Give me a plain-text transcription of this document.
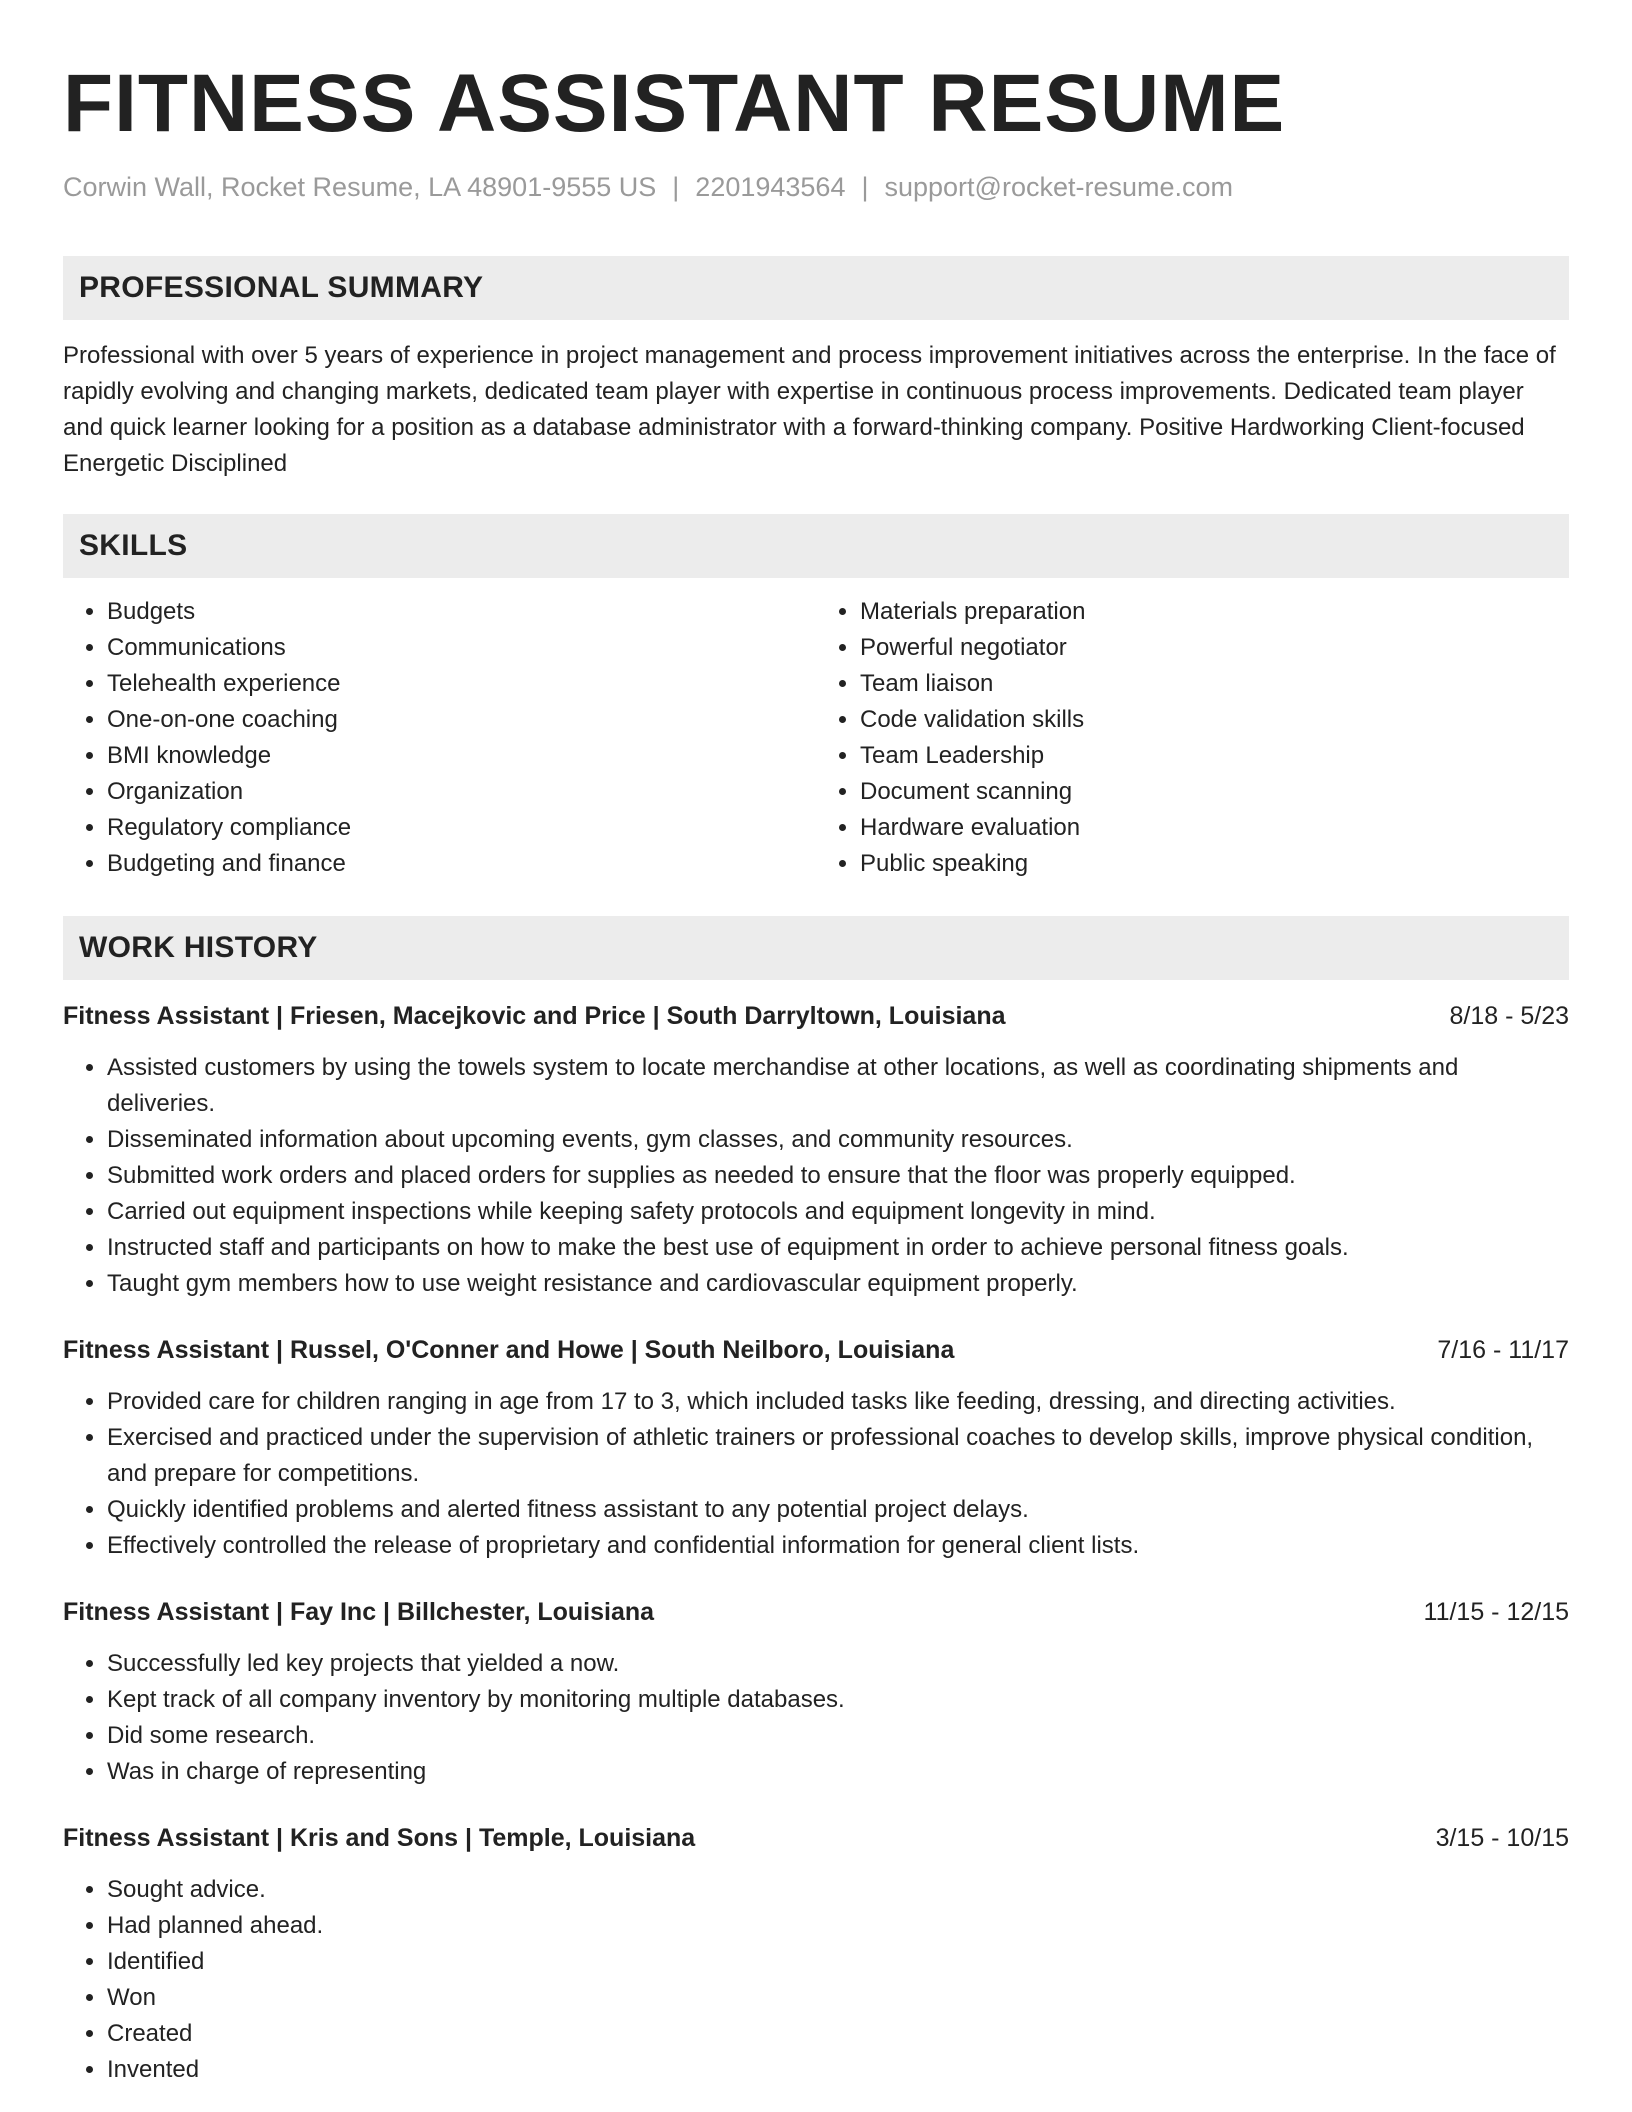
FITNESS ASSISTANT RESUME
Corwin Wall, Rocket Resume, LA 48901-9555 US | 2201943564 | support@rocket-resume.com
PROFESSIONAL SUMMARY
Professional with over 5 years of experience in project management and process improvement initiatives across the enterprise. In the face of rapidly evolving and changing markets, dedicated team player with expertise in continuous process improvements. Dedicated team player and quick learner looking for a position as a database administrator with a forward-thinking company. Positive Hardworking Client-focused Energetic Disciplined
SKILLS
• Budgets
• Communications
• Telehealth experience
• One-on-one coaching
• BMI knowledge
• Organization
• Regulatory compliance
• Budgeting and finance
• Materials preparation
• Powerful negotiator
• Team liaison
• Code validation skills
• Team Leadership
• Document scanning
• Hardware evaluation
• Public speaking
WORK HISTORY
Fitness Assistant | Friesen, Macejkovic and Price | South Darryltown, Louisiana	8/18 - 5/23
• Assisted customers by using the towels system to locate merchandise at other locations, as well as coordinating shipments and deliveries.
• Disseminated information about upcoming events, gym classes, and community resources.
• Submitted work orders and placed orders for supplies as needed to ensure that the floor was properly equipped.
• Carried out equipment inspections while keeping safety protocols and equipment longevity in mind.
• Instructed staff and participants on how to make the best use of equipment in order to achieve personal fitness goals.
• Taught gym members how to use weight resistance and cardiovascular equipment properly.
Fitness Assistant | Russel, O'Conner and Howe | South Neilboro, Louisiana	7/16 - 11/17
• Provided care for children ranging in age from 17 to 3, which included tasks like feeding, dressing, and directing activities.
• Exercised and practiced under the supervision of athletic trainers or professional coaches to develop skills, improve physical condition, and prepare for competitions.
• Quickly identified problems and alerted fitness assistant to any potential project delays.
• Effectively controlled the release of proprietary and confidential information for general client lists.
Fitness Assistant | Fay Inc | Billchester, Louisiana	11/15 - 12/15
• Successfully led key projects that yielded a now.
• Kept track of all company inventory by monitoring multiple databases.
• Did some research.
• Was in charge of representing
Fitness Assistant | Kris and Sons | Temple, Louisiana	3/15 - 10/15
• Sought advice.
• Had planned ahead.
• Identified
• Won
• Created
• Invented
